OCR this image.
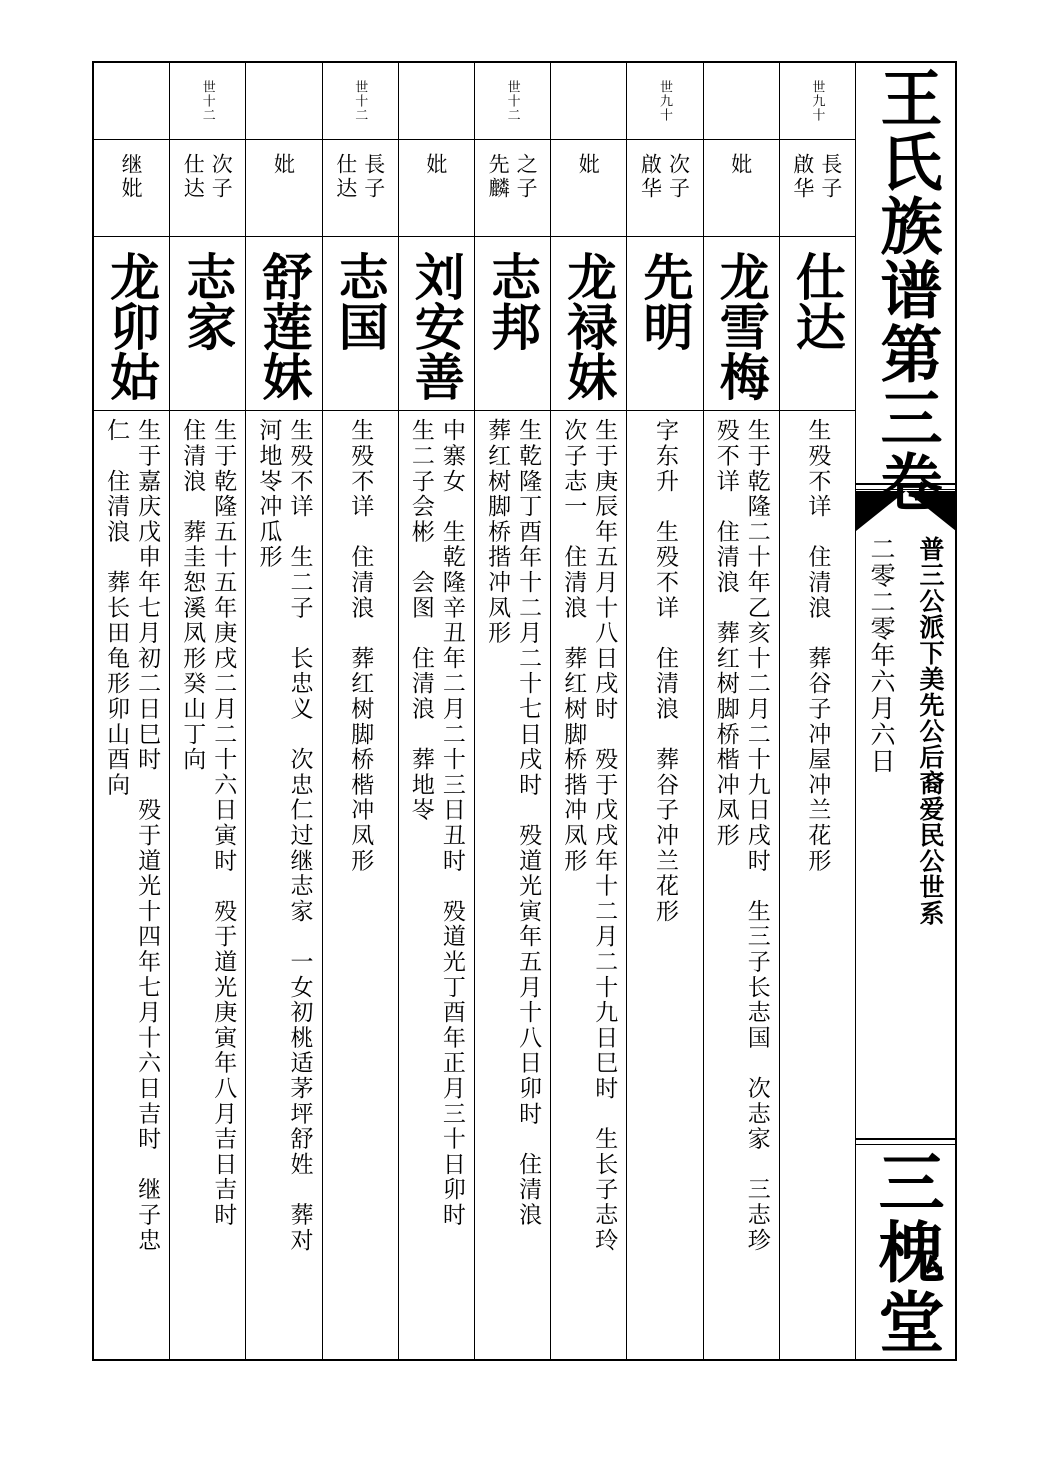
世九十
長子啟华
仕达
生殁不详　住清浪　葬谷子冲屋冲兰花形
妣
龙雪梅
生于乾隆二十年乙亥十二月二十九日戌时　生三子长志国　次志家　三志珍
殁不详　住清浪　葬红树脚桥楷冲凤形
世九十
次子啟华
先明
字东升　生殁不详　住清浪　葬谷子冲兰花形
妣
龙禄妹
生于庚辰年五月十八日戌时　殁于戊戌年十二月二十九日巳时　生长子志玲
次子志一　住清浪　葬红树脚桥揩冲凤形
世十二
之子先麟
志邦
生乾隆丁酉年十二月二十七日戌时　殁道光寅年五月十八日卯时　住清浪
葬红树脚桥揩冲凤形
妣
刘安善
中寨女　生乾隆辛丑年二月二十三日丑时　殁道光丁酉年正月三十日卯时
生二子会彬　会图　住清浪　葬地岺
世十二
長子仕达
志国
生殁不详　住清浪　葬红树脚桥楷冲凤形
妣
舒莲妹
生殁不详　生二子　长忠义　次忠仁过继志家　一女初桃适茅坪舒姓　葬对
河地岺冲瓜形
世十二
次子仕达
志家
生于乾隆五十五年庚戌二月二十六日寅时　殁于道光庚寅年八月吉日吉时
住清浪　葬圭恕溪凤形癸山丁向
继妣
龙卯姑
生于嘉庆戊申年七月初二日巳时　殁于道光十四年七月十六日吉时　继子忠
仁　住清浪　葬长田龟形卯山酉向
王氏族谱第三卷
普三公派下美先公后裔爱民公世系
二零二零年六月六日
三槐堂
